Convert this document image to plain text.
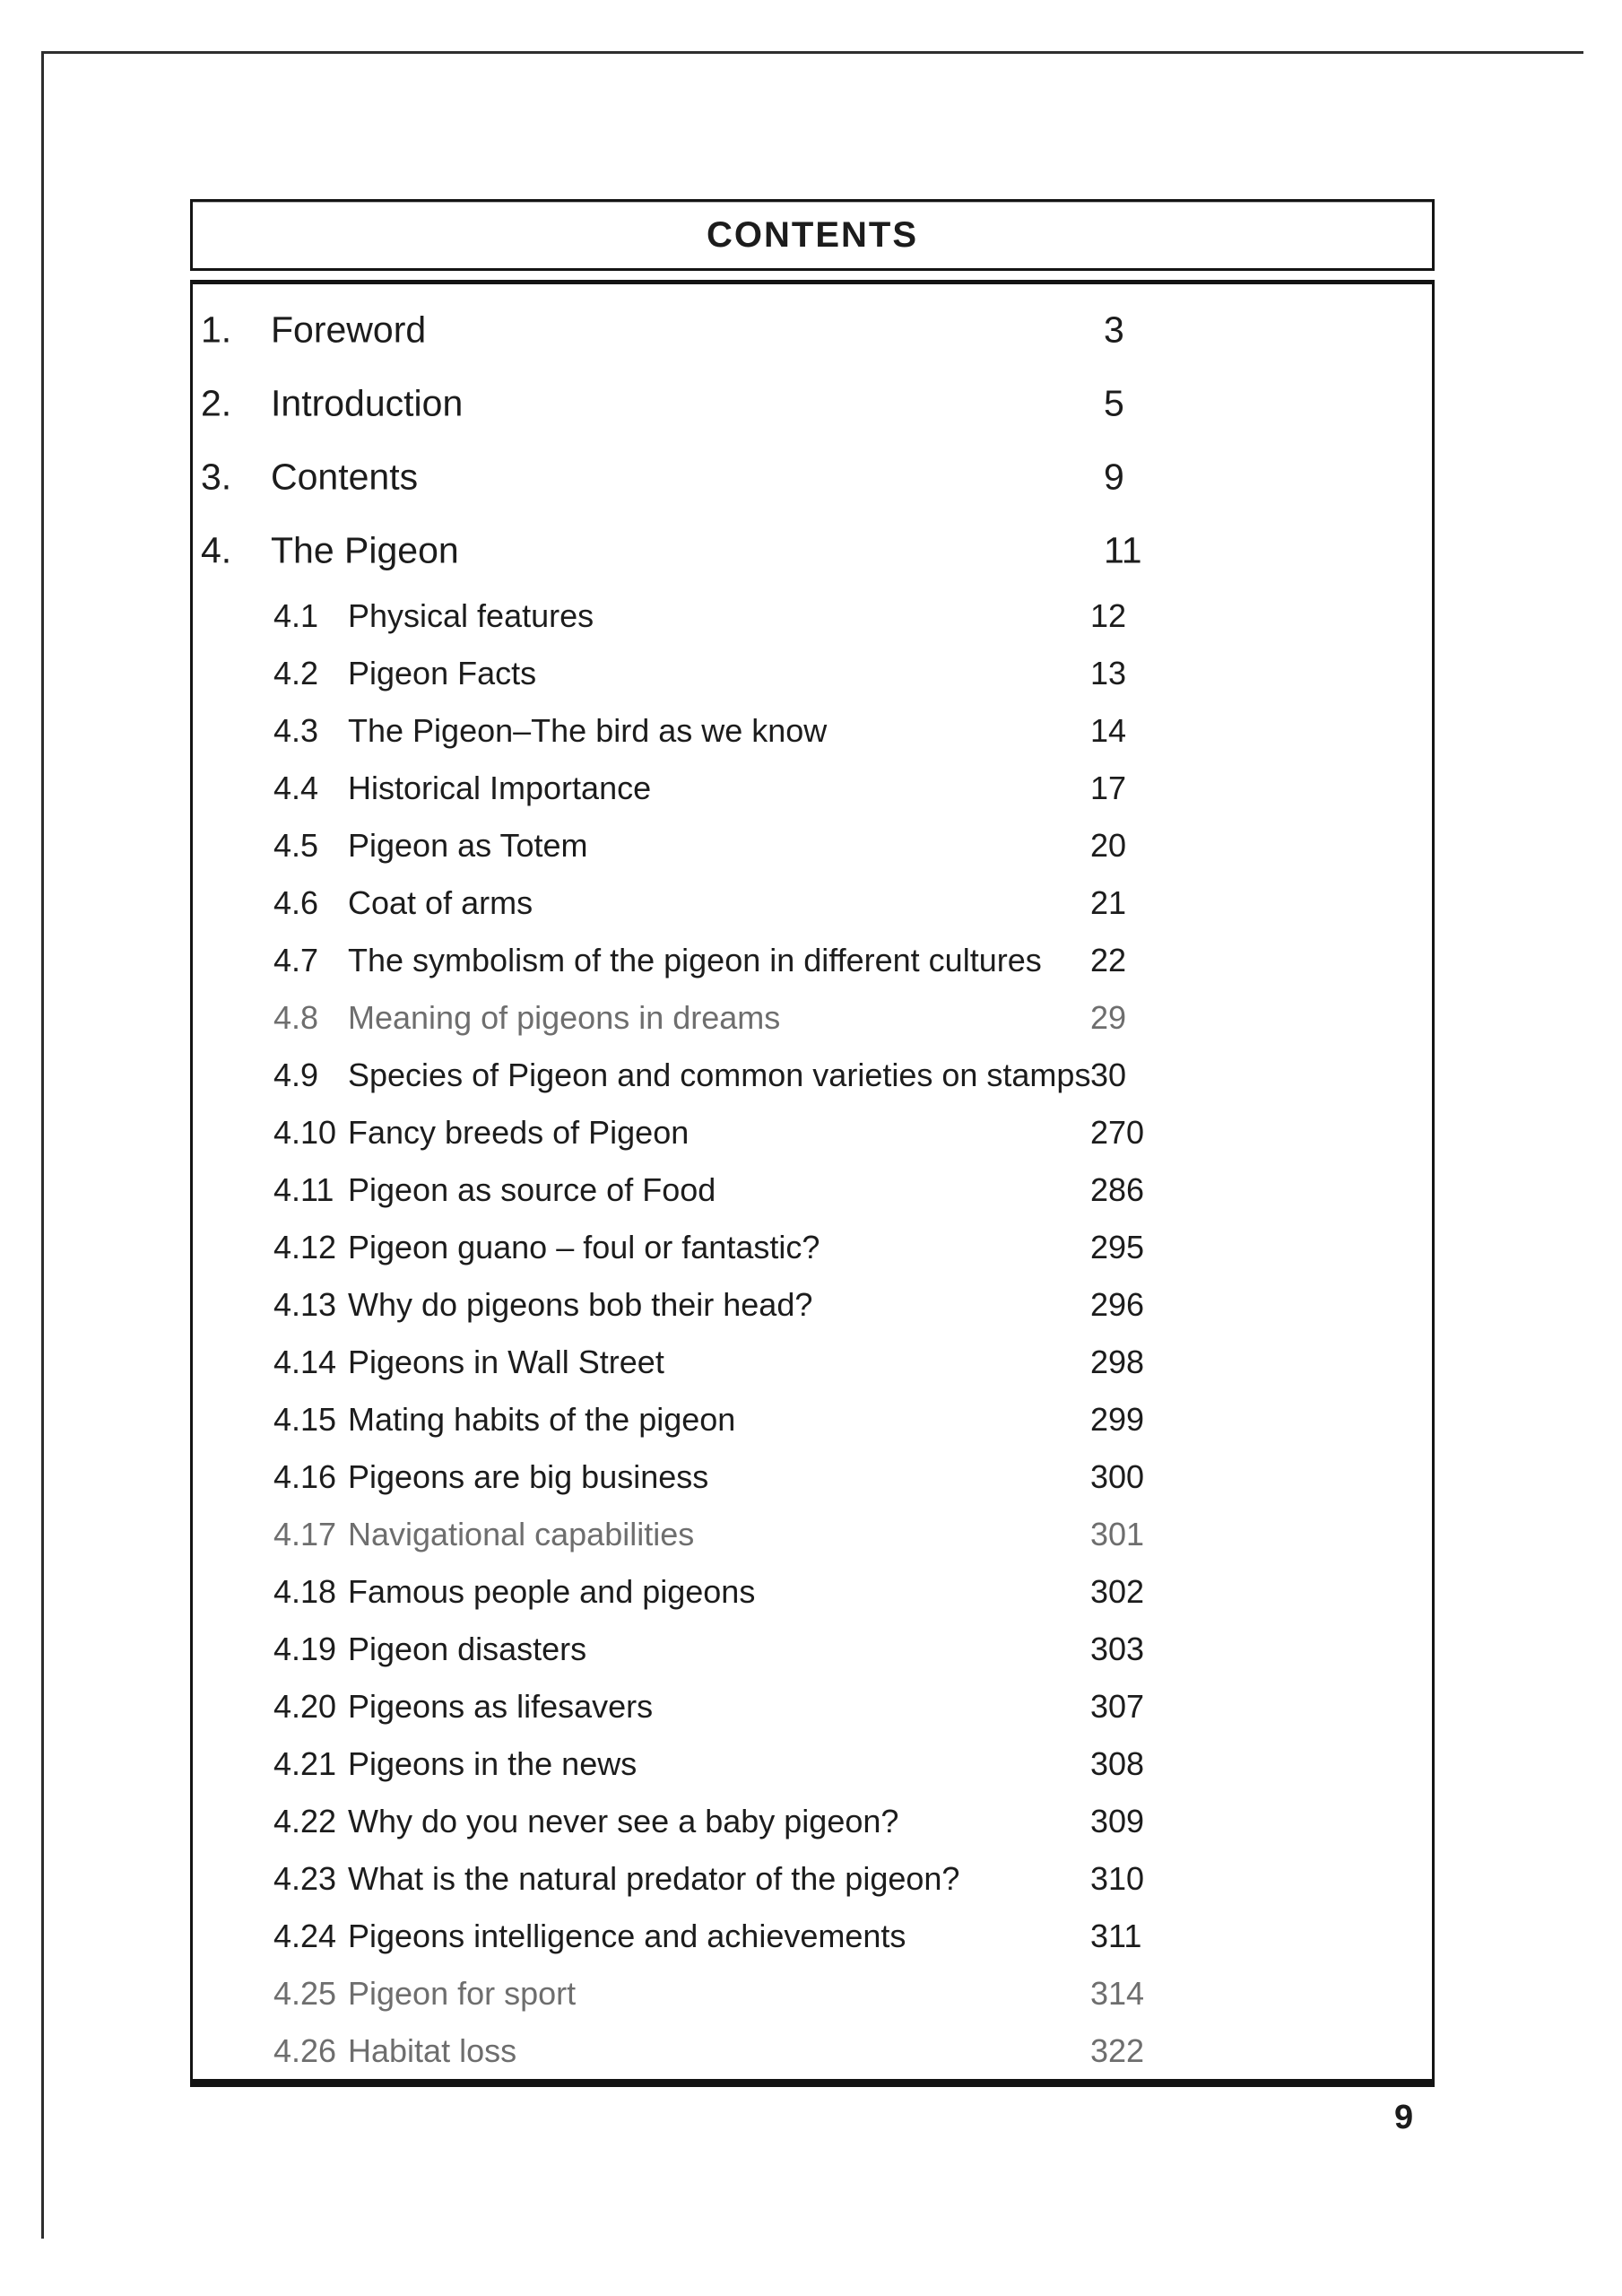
CONTENTS
1. Foreword	3
2. Introduction	5
3. Contents	9
4. The Pigeon	11
4.1 Physical features	12
4.2 Pigeon Facts	13
4.3 The Pigeon–The bird as we know	14
4.4 Historical Importance	17
4.5 Pigeon as Totem	20
4.6 Coat of arms	21
4.7 The symbolism of the pigeon in different cultures 22
4.8 Meaning of pigeons in dreams	29
4.9 Species of Pigeon and common varieties on stamps 30
4.10 Fancy breeds of Pigeon	270
4.11 Pigeon as source of Food	286
4.12 Pigeon guano – foul or fantastic?	295
4.13 Why do pigeons bob their head?	296
4.14 Pigeons in Wall Street	298
4.15 Mating habits of the pigeon	299
4.16 Pigeons are big business	300
4.17 Navigational capabilities	301
4.18 Famous people and pigeons	302
4.19 Pigeon disasters	303
4.20 Pigeons as lifesavers	307
4.21 Pigeons in the news	308
4.22 Why do you never see a baby pigeon?	309
4.23 What is the natural predator of the pigeon?	310
4.24 Pigeons intelligence and achievements	311
4.25 Pigeon for sport	314
4.26 Habitat loss	322
9
